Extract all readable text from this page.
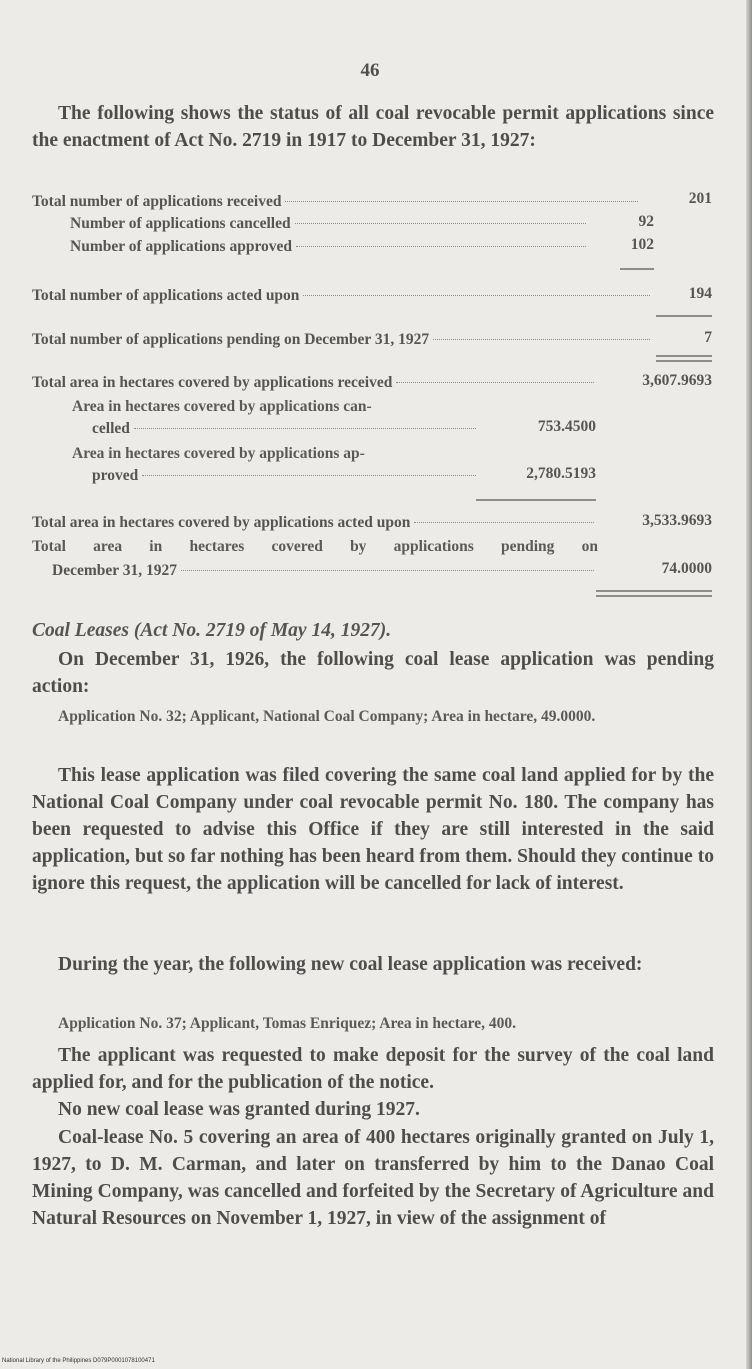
46
The following shows the status of all coal revocable permit applications since the enactment of Act No. 2719 in 1917 to December 31, 1927:
Total number of applications received	201
Number of applications cancelled	92
Number of applications approved	102
Total number of applications acted upon	194
Total number of applications pending on December 31, 1927	7
Total area in hectares covered by applications received	3,607.9693
Area in hectares covered by applications can-
celled	753.4500
Area in hectares covered by applications ap-
proved	2,780.5193
Total area in hectares covered by applications acted upon	3,533.9693
Total area in hectares covered by applications pending on
December 31, 1927	74.0000
Coal Leases (Act No. 2719 of May 14, 1927).
On December 31, 1926, the following coal lease application was pending action:
Application No. 32; Applicant, National Coal Company; Area in hectare, 49.0000.
This lease application was filed covering the same coal land applied for by the National Coal Company under coal revocable permit No. 180. The company has been requested to advise this Office if they are still interested in the said application, but so far nothing has been heard from them. Should they continue to ignore this request, the application will be cancelled for lack of interest.
During the year, the following new coal lease application was received:
Application No. 37; Applicant, Tomas Enriquez; Area in hectare, 400.
The applicant was requested to make deposit for the survey of the coal land applied for, and for the publication of the notice.
No new coal lease was granted during 1927.
Coal-lease No. 5 covering an area of 400 hectares originally granted on July 1, 1927, to D. M. Carman, and later on transferred by him to the Danao Coal Mining Company, was cancelled and forfeited by the Secretary of Agriculture and Natural Resources on November 1, 1927, in view of the assignment of
National Library of the Philippines D079P0001078100471
